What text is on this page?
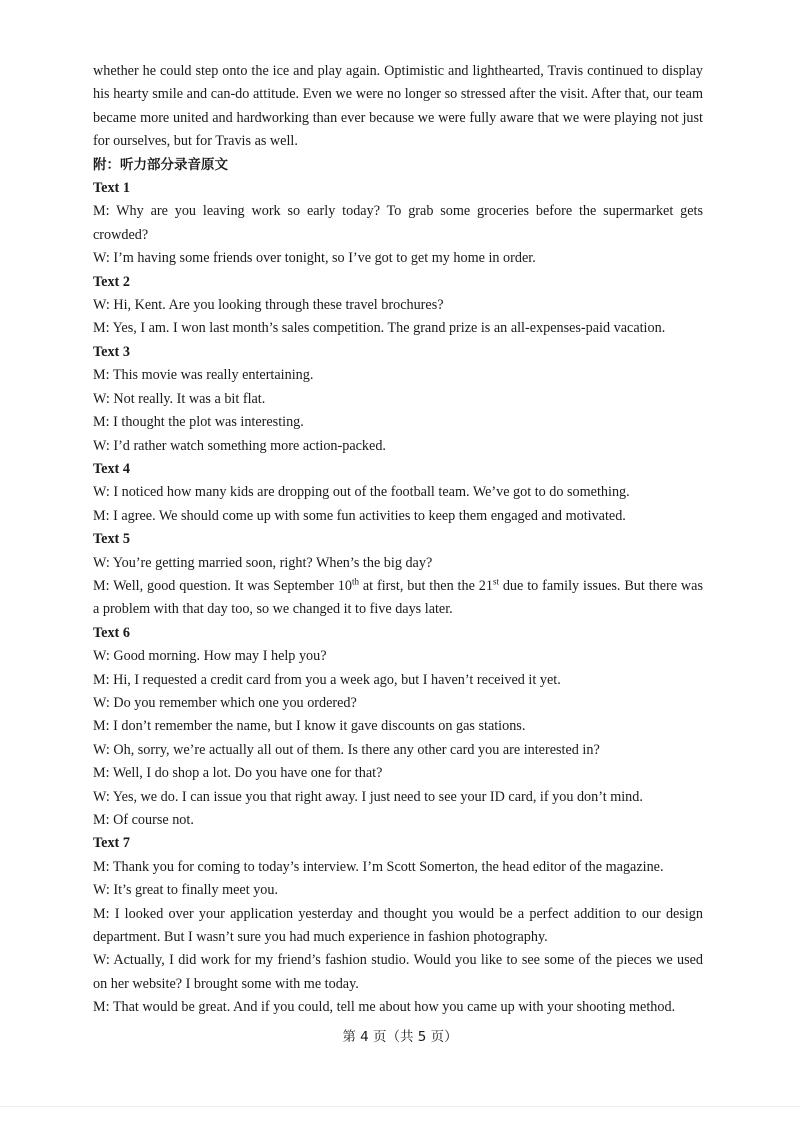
whether he could step onto the ice and play again. Optimistic and lighthearted, Travis continued to display
his hearty smile and can-do attitude. Even we were no longer so stressed after the visit. After that, our team
became more united and hardworking than ever because we were fully aware that we were playing not just
for ourselves, but for Travis as well.

附：听力部分录音原文

Text 1

M: Why are you leaving work so early today? To grab some groceries before the supermarket gets crowded?

W: I’m having some friends over tonight, so I’ve got to get my home in order.

Text 2

W: Hi, Kent. Are you looking through these travel brochures?

M: Yes, I am. I won last month’s sales competition. The grand prize is an all-expenses-paid vacation.

Text 3

M: This movie was really entertaining.

W: Not really. It was a bit flat.

M: I thought the plot was interesting.

W: I’d rather watch something more action-packed.

Text 4

W: I noticed how many kids are dropping out of the football team. We’ve got to do something.

M: I agree. We should come up with some fun activities to keep them engaged and motivated.

Text 5

W: You’re getting married soon, right? When’s the big day?

M: Well, good question. It was September 10th at first, but then the 21st due to family issues. But there was
a problem with that day too, so we changed it to five days later.

Text 6

W: Good morning. How may I help you?

M: Hi, I requested a credit card from you a week ago, but I haven’t received it yet.

W: Do you remember which one you ordered?

M: I don’t remember the name, but I know it gave discounts on gas stations.

W: Oh, sorry, we’re actually all out of them. Is there any other card you are interested in?

M: Well, I do shop a lot. Do you have one for that?

W: Yes, we do. I can issue you that right away. I just need to see your ID card, if you don’t mind.

M: Of course not.

Text 7

M: Thank you for coming to today’s interview. I’m Scott Somerton, the head editor of the magazine.

W: It’s great to finally meet you.

M: I looked over your application yesterday and thought you would be a perfect addition to our design department. But I wasn’t sure you had much experience in fashion photography.

W: Actually, I did work for my friend’s fashion studio. Would you like to see some of the pieces we used on her website? I brought some with me today.

M: That would be great. And if you could, tell me about how you came up with your shooting method.

第 4 页（共 5 页）
